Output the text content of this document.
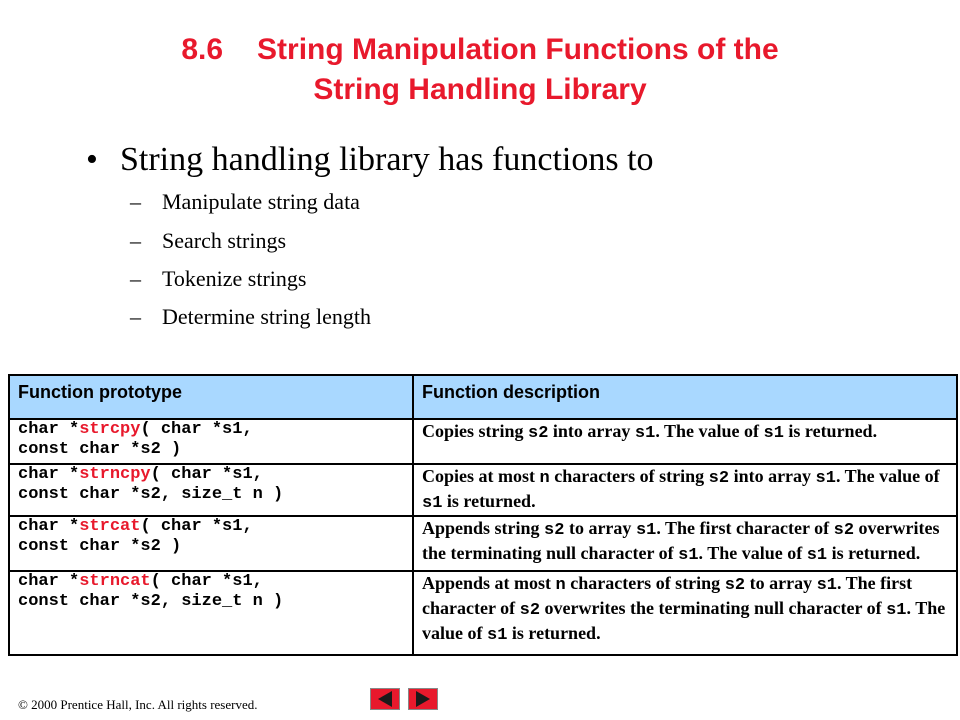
8.6 String Manipulation Functions of the
String Handling Library
• String handling library has functions to
– Manipulate string data
– Search strings
– Tokenize strings
– Determine string length
Function prototype	Function description
char *strcpy( char *s1,
const char *s2 )	Copies string s2 into array s1. The value of s1 is returned.
char *strncpy( char *s1,
const char *s2, size_t n )	Copies at most n characters of string s2 into array s1. The value of s1 is returned.
char *strcat( char *s1,
const char *s2 )	Appends string s2 to array s1. The first character of s2 overwrites the terminating null character of s1. The value of s1 is returned.
char *strncat( char *s1,
const char *s2, size_t n )	Appends at most n characters of string s2 to array s1. The first character of s2 overwrites the terminating null character of s1. The value of s1 is returned.
© 2000 Prentice Hall, Inc. All rights reserved.
